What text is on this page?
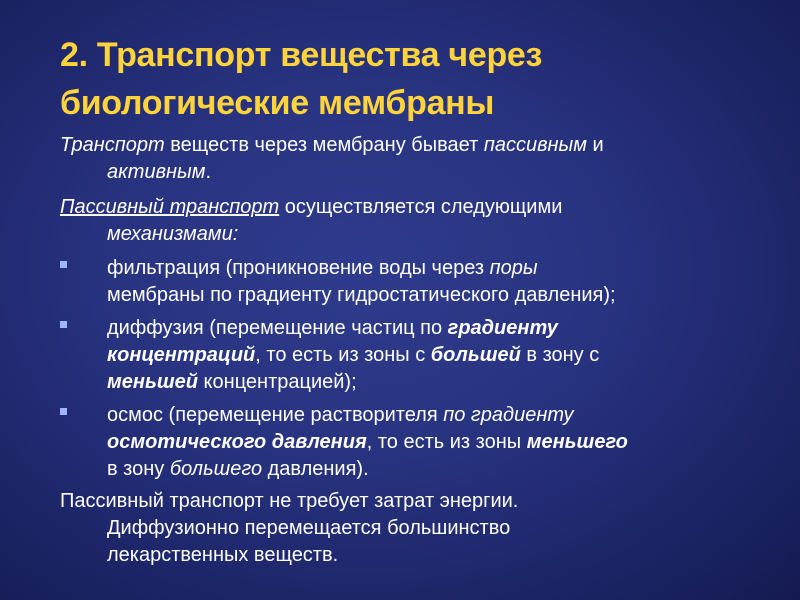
2. Транспорт вещества через
биологические мембраны
Транспорт веществ через мембрану бывает пассивным и
активным.
Пассивный транспорт осуществляется следующими
механизмами:
фильтрация (проникновение воды через поры
мембраны по градиенту гидростатического давления);
диффузия (перемещение частиц по градиенту
концентраций, то есть из зоны с большей в зону с
меньшей концентрацией);
осмос (перемещение растворителя по градиенту
осмотического давления, то есть из зоны меньшего
в зону большего давления).
Пассивный транспорт не требует затрат энергии.
Диффузионно перемещается большинство
лекарственных веществ.
